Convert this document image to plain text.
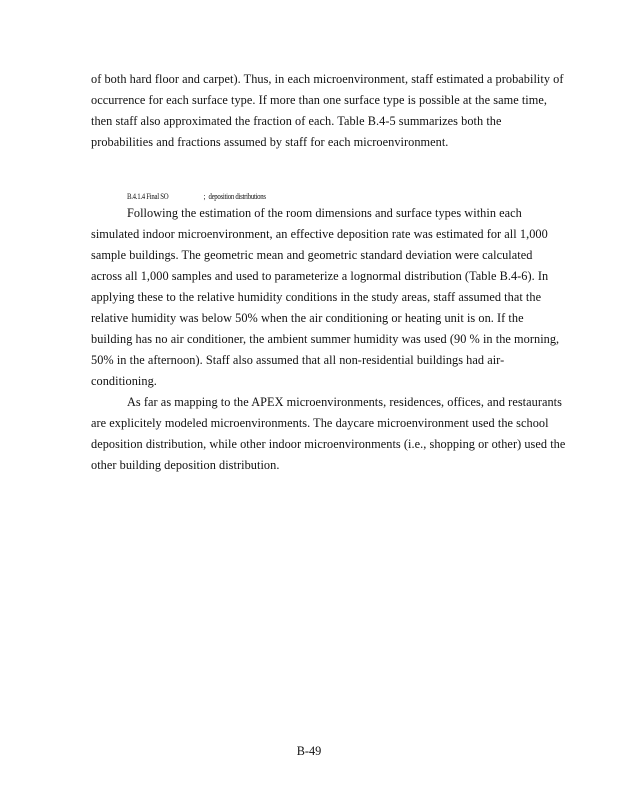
of both hard floor and carpet). Thus, in each microenvironment, staff estimated a probability of occurrence for each surface type. If more than one surface type is possible at the same time, then staff also approximated the fraction of each. Table B.4-5 summarizes both the probabilities and fractions assumed by staff for each microenvironment.

B.4.1.4 Final SO	; deposition distributions

Following the estimation of the room dimensions and surface types within each simulated indoor microenvironment, an effective deposition rate was estimated for all 1,000 sample buildings. The geometric mean and geometric standard deviation were calculated across all 1,000 samples and used to parameterize a lognormal distribution (Table B.4-6). In applying these to the relative humidity conditions in the study areas, staff assumed that the relative humidity was below 50% when the air conditioning or heating unit is on. If the building has no air conditioner, the ambient summer humidity was used (90 % in the morning, 50% in the afternoon). Staff also assumed that all non-residential buildings had air-conditioning.

As far as mapping to the APEX microenvironments, residences, offices, and restaurants are explicitely modeled microenvironments. The daycare microenvironment used the school deposition distribution, while other indoor microenvironments (i.e., shopping or other) used the other building deposition distribution.

B-49
